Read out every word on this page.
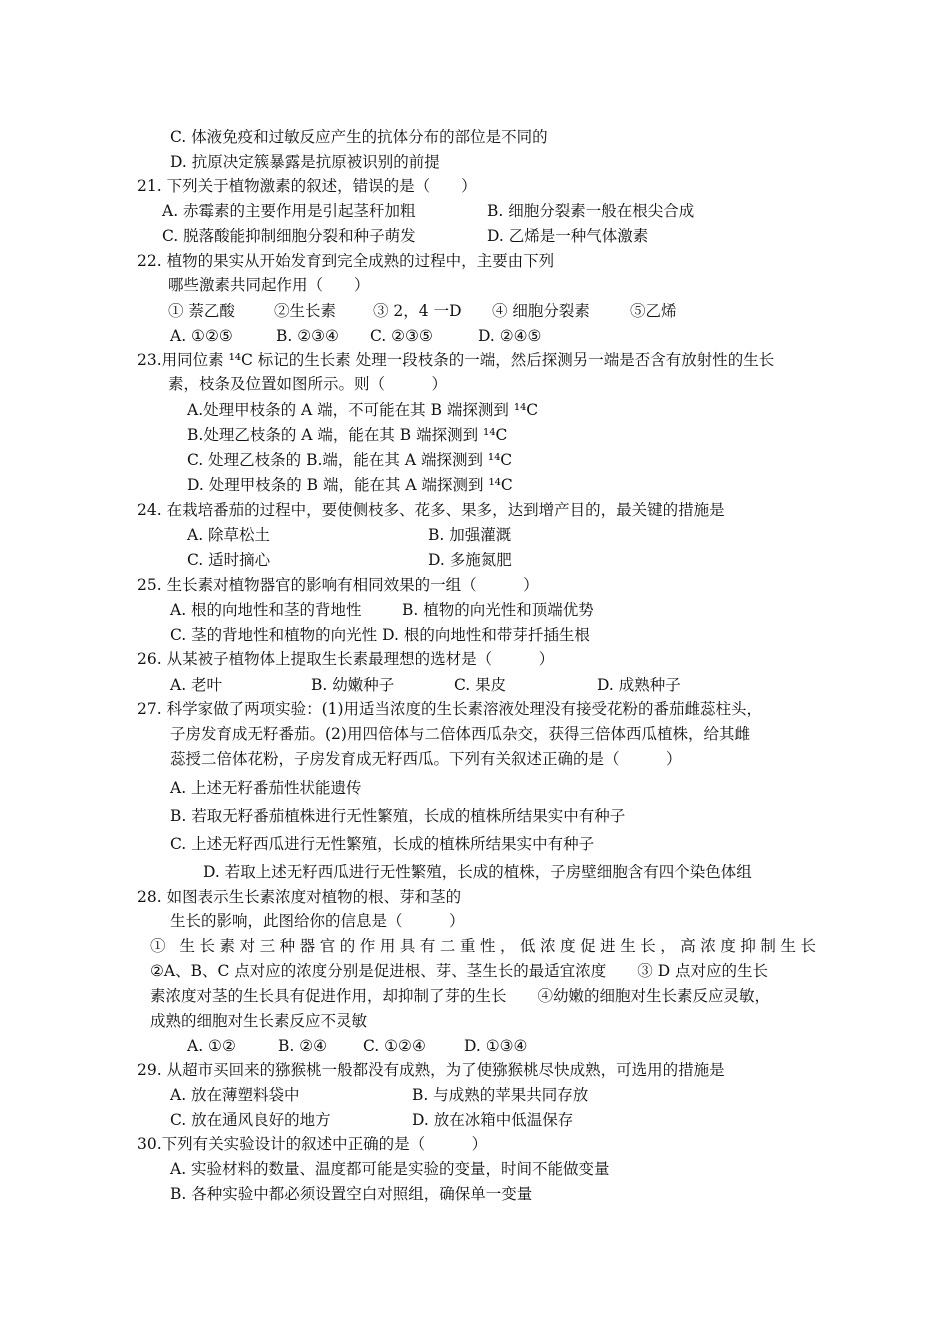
C. 体液免疫和过敏反应产生的抗体分布的部位是不同的
D. 抗原决定簇暴露是抗原被识别的前提
21. 下列关于植物激素的叙述，错误的是（　　）
A. 赤霉素的主要作用是引起茎秆加粗	B. 细胞分裂素一般在根尖合成
C. 脱落酸能抑制细胞分裂和种子萌发	D. 乙烯是一种气体激素
22. 植物的果实从开始发育到完全成熟的过程中，主要由下列
哪些激素共同起作用（　　）
① 萘乙酸	②生长素 ③ 2，4 一D ④ 细胞分裂素	⑤乙烯
A. ①②⑤	B. ②③④ C. ②③⑤	D. ②④⑤
23.用同位素 ¹⁴C 标记的生长素 处理一段枝条的一端，然后探测另一端是否含有放射性的生长
素，枝条及位置如图所示。则（　　　）
A.处理甲枝条的 A 端，不可能在其 B 端探测到 ¹⁴C
B.处理乙枝条的 A 端，能在其 B 端探测到 ¹⁴C
C. 处理乙枝条的 B.端，能在其 A 端探测到 ¹⁴C
D. 处理甲枝条的 B 端，能在其 A 端探测到 ¹⁴C
24. 在栽培番茄的过程中，要使侧枝多、花多、果多，达到增产目的，最关键的措施是
A. 除草松土	B. 加强灌溉
C. 适时摘心	D. 多施氮肥
25. 生长素对植物器官的影响有相同效果的一组（　　　）
A. 根的向地性和茎的背地性	B. 植物的向光性和顶端优势
C. 茎的背地性和植物的向光性 D. 根的向地性和带芽扦插生根
26. 从某被子植物体上提取生长素最理想的选材是（　　　）
A. 老叶	B. 幼嫩种子	C. 果皮	D. 成熟种子
27. 科学家做了两项实验：(1)用适当浓度的生长素溶液处理没有接受花粉的番茄雌蕊柱头，
子房发育成无籽番茄。(2)用四倍体与二倍体西瓜杂交，获得三倍体西瓜植株，给其雌
蕊授二倍体花粉，子房发育成无籽西瓜。下列有关叙述正确的是（　　　）
A. 上述无籽番茄性状能遗传
B. 若取无籽番茄植株进行无性繁殖，长成的植株所结果实中有种子
C. 上述无籽西瓜进行无性繁殖，长成的植株所结果实中有种子
D. 若取上述无籽西瓜进行无性繁殖，长成的植株，子房壁细胞含有四个染色体组
28. 如图表示生长素浓度对植物的根、芽和茎的
生长的影响，此图给你的信息是（　　　）
① 生长素对三种器官的作用具有二重性，低浓度促进生长，高浓度抑制生长
②A、B、C 点对应的浓度分别是促进根、芽、茎生长的最适宜浓度　　③ D 点对应的生长
素浓度对茎的生长具有促进作用，却抑制了芽的生长　　④幼嫩的细胞对生长素反应灵敏，
成熟的细胞对生长素反应不灵敏
A. ①②	B. ②④ C. ①②④ D. ①③④
29. 从超市买回来的猕猴桃一般都没有成熟，为了使猕猴桃尽快成熟，可选用的措施是
A. 放在薄塑料袋中	B. 与成熟的苹果共同存放
C. 放在通风良好的地方	D. 放在冰箱中低温保存
30.下列有关实验设计的叙述中正确的是（　　　）
A. 实验材料的数量、温度都可能是实验的变量，时间不能做变量
B. 各种实验中都必须设置空白对照组，确保单一变量
